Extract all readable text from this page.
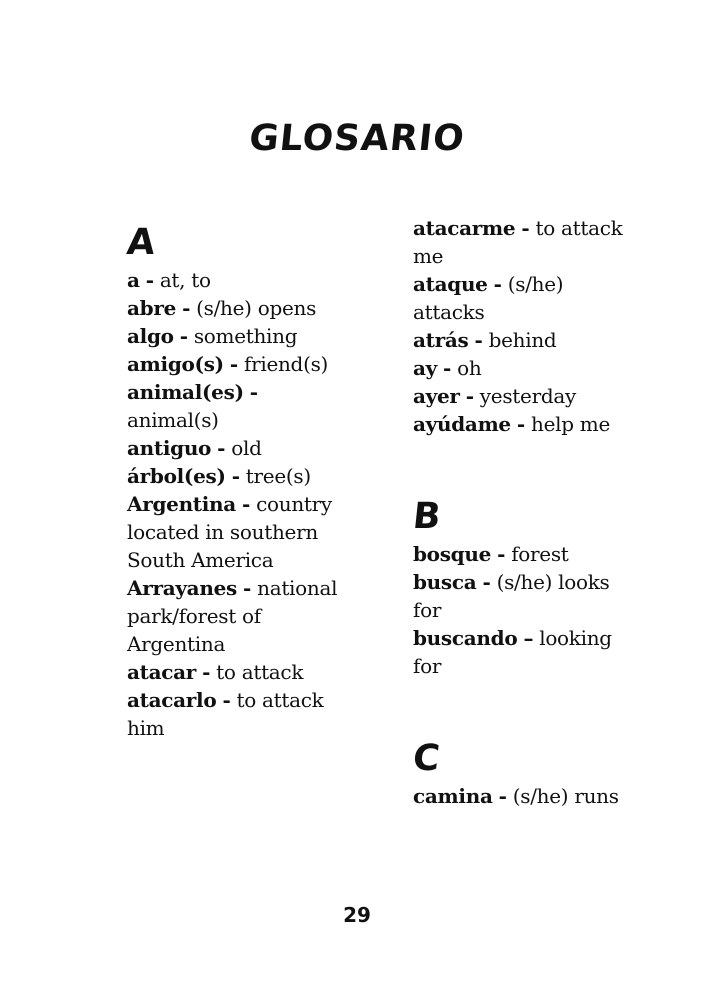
GLOSARIO
A
a - at, to
abre - (s/he) opens
algo - something
amigo(s) - friend(s)
animal(es) - animal(s)
antiguo - old
árbol(es) - tree(s)
Argentina - country located in southern South America
Arrayanes - national park/forest of Argentina
atacar - to attack
atacarlo - to attack him
atacarme - to attack me
ataque - (s/he) attacks
atrás - behind
ay - oh
ayer - yesterday
ayúdame - help me
B
bosque - forest
busca - (s/he) looks for
buscando – looking for
C
camina - (s/he) runs
29
